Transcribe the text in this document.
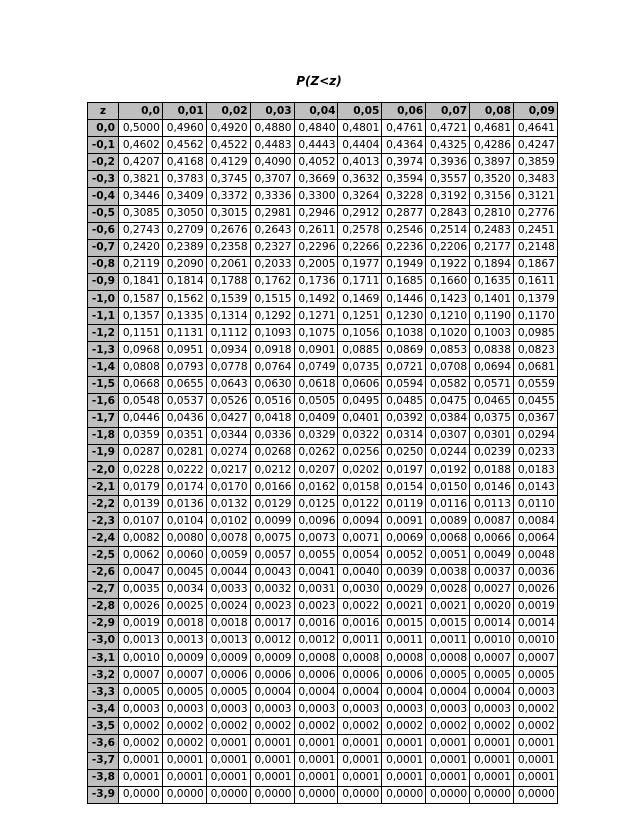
P(Z<z)
z	0,0	0,01	0,02	0,03	0,04	0,05	0,06	0,07	0,08	0,09
0,0	0,5000	0,4960	0,4920	0,4880	0,4840	0,4801	0,4761	0,4721	0,4681	0,4641
-0,1	0,4602	0,4562	0,4522	0,4483	0,4443	0,4404	0,4364	0,4325	0,4286	0,4247
-0,2	0,4207	0,4168	0,4129	0,4090	0,4052	0,4013	0,3974	0,3936	0,3897	0,3859
-0,3	0,3821	0,3783	0,3745	0,3707	0,3669	0,3632	0,3594	0,3557	0,3520	0,3483
-0,4	0,3446	0,3409	0,3372	0,3336	0,3300	0,3264	0,3228	0,3192	0,3156	0,3121
-0,5	0,3085	0,3050	0,3015	0,2981	0,2946	0,2912	0,2877	0,2843	0,2810	0,2776
-0,6	0,2743	0,2709	0,2676	0,2643	0,2611	0,2578	0,2546	0,2514	0,2483	0,2451
-0,7	0,2420	0,2389	0,2358	0,2327	0,2296	0,2266	0,2236	0,2206	0,2177	0,2148
-0,8	0,2119	0,2090	0,2061	0,2033	0,2005	0,1977	0,1949	0,1922	0,1894	0,1867
-0,9	0,1841	0,1814	0,1788	0,1762	0,1736	0,1711	0,1685	0,1660	0,1635	0,1611
-1,0	0,1587	0,1562	0,1539	0,1515	0,1492	0,1469	0,1446	0,1423	0,1401	0,1379
-1,1	0,1357	0,1335	0,1314	0,1292	0,1271	0,1251	0,1230	0,1210	0,1190	0,1170
-1,2	0,1151	0,1131	0,1112	0,1093	0,1075	0,1056	0,1038	0,1020	0,1003	0,0985
-1,3	0,0968	0,0951	0,0934	0,0918	0,0901	0,0885	0,0869	0,0853	0,0838	0,0823
-1,4	0,0808	0,0793	0,0778	0,0764	0,0749	0,0735	0,0721	0,0708	0,0694	0,0681
-1,5	0,0668	0,0655	0,0643	0,0630	0,0618	0,0606	0,0594	0,0582	0,0571	0,0559
-1,6	0,0548	0,0537	0,0526	0,0516	0,0505	0,0495	0,0485	0,0475	0,0465	0,0455
-1,7	0,0446	0,0436	0,0427	0,0418	0,0409	0,0401	0,0392	0,0384	0,0375	0,0367
-1,8	0,0359	0,0351	0,0344	0,0336	0,0329	0,0322	0,0314	0,0307	0,0301	0,0294
-1,9	0,0287	0,0281	0,0274	0,0268	0,0262	0,0256	0,0250	0,0244	0,0239	0,0233
-2,0	0,0228	0,0222	0,0217	0,0212	0,0207	0,0202	0,0197	0,0192	0,0188	0,0183
-2,1	0,0179	0,0174	0,0170	0,0166	0,0162	0,0158	0,0154	0,0150	0,0146	0,0143
-2,2	0,0139	0,0136	0,0132	0,0129	0,0125	0,0122	0,0119	0,0116	0,0113	0,0110
-2,3	0,0107	0,0104	0,0102	0,0099	0,0096	0,0094	0,0091	0,0089	0,0087	0,0084
-2,4	0,0082	0,0080	0,0078	0,0075	0,0073	0,0071	0,0069	0,0068	0,0066	0,0064
-2,5	0,0062	0,0060	0,0059	0,0057	0,0055	0,0054	0,0052	0,0051	0,0049	0,0048
-2,6	0,0047	0,0045	0,0044	0,0043	0,0041	0,0040	0,0039	0,0038	0,0037	0,0036
-2,7	0,0035	0,0034	0,0033	0,0032	0,0031	0,0030	0,0029	0,0028	0,0027	0,0026
-2,8	0,0026	0,0025	0,0024	0,0023	0,0023	0,0022	0,0021	0,0021	0,0020	0,0019
-2,9	0,0019	0,0018	0,0018	0,0017	0,0016	0,0016	0,0015	0,0015	0,0014	0,0014
-3,0	0,0013	0,0013	0,0013	0,0012	0,0012	0,0011	0,0011	0,0011	0,0010	0,0010
-3,1	0,0010	0,0009	0,0009	0,0009	0,0008	0,0008	0,0008	0,0008	0,0007	0,0007
-3,2	0,0007	0,0007	0,0006	0,0006	0,0006	0,0006	0,0006	0,0005	0,0005	0,0005
-3,3	0,0005	0,0005	0,0005	0,0004	0,0004	0,0004	0,0004	0,0004	0,0004	0,0003
-3,4	0,0003	0,0003	0,0003	0,0003	0,0003	0,0003	0,0003	0,0003	0,0003	0,0002
-3,5	0,0002	0,0002	0,0002	0,0002	0,0002	0,0002	0,0002	0,0002	0,0002	0,0002
-3,6	0,0002	0,0002	0,0001	0,0001	0,0001	0,0001	0,0001	0,0001	0,0001	0,0001
-3,7	0,0001	0,0001	0,0001	0,0001	0,0001	0,0001	0,0001	0,0001	0,0001	0,0001
-3,8	0,0001	0,0001	0,0001	0,0001	0,0001	0,0001	0,0001	0,0001	0,0001	0,0001
-3,9	0,0000	0,0000	0,0000	0,0000	0,0000	0,0000	0,0000	0,0000	0,0000	0,0000
